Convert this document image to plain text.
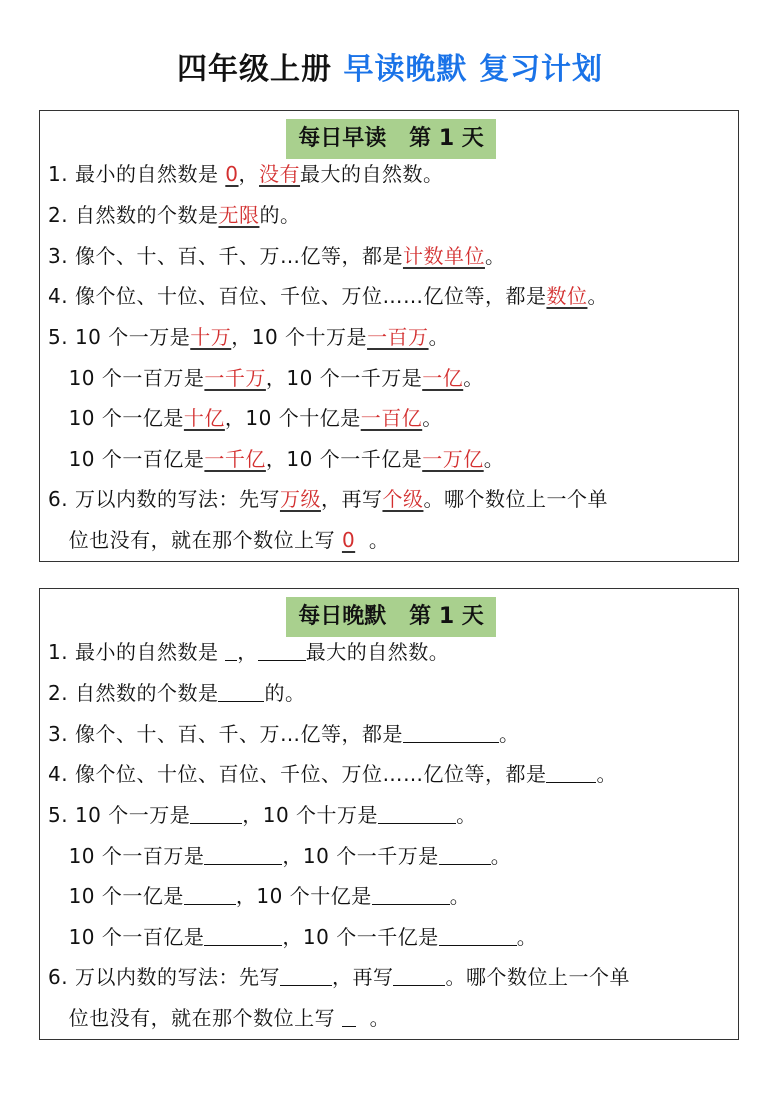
四年级上册 早读晚默 复习计划
每日早读   第 1 天
1. 最小的自然数是 0，没有最大的自然数。
2. 自然数的个数是无限的。
3. 像个、十、百、千、万…亿等，都是计数单位。
4. 像个位、十位、百位、千位、万位……亿位等，都是数位。
5. 10 个一万是十万，10 个十万是一百万。
10 个一百万是一千万，10 个一千万是一亿。
10 个一亿是十亿，10 个十亿是一百亿。
10 个一百亿是一千亿，10 个一千亿是一万亿。
6. 万以内数的写法：先写万级，再写个级。哪个数位上一个单
位也没有，就在那个数位上写 0  。
每日晚默   第 1 天
1. 最小的自然数是 ， 最大的自然数。
2. 自然数的个数是 的。
3. 像个、十、百、千、万…亿等，都是	。
4. 像个位、十位、百位、千位、万位……亿位等，都是	。
5. 10 个一万是	，10 个十万是	。
10 个一百万是	，10 个一千万是	。
10 个一亿是	，10 个十亿是	。
10 个一百亿是	，10 个一千亿是	。
6. 万以内数的写法：先写	，再写	。哪个数位上一个单
位也没有，就在那个数位上写   。
